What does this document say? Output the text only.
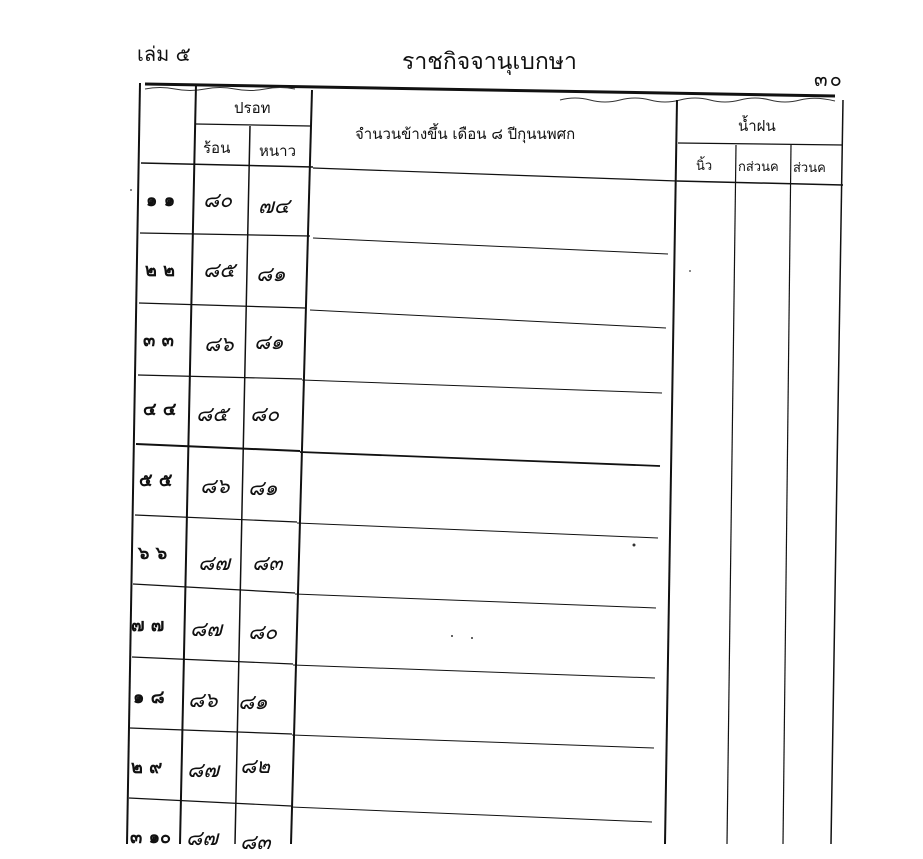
เล่ม ๕	ราชกิจจานุเบกษา
๓๐
ปรอท
ร้อน หนาว
จำนวนข้างขึ้น เดือน ๘ ปีกุนนพศก	น้ำฝน
นิ้ว กส่วนค ส่วนค
๑ ๑ ๘๐ ๗๔
๒ ๒ ๘๕ ๘๑
๓ ๓ ๘๖ ๘๑
๔ ๔ ๘๕ ๘๐
๕ ๕ ๘๖ ๘๑
๖ ๖ ๘๗ ๘๓
๗ ๗ ๘๗ ๘๐
๑ ๘ ๘๖ ๘๑
๒ ๙ ๘๗ ๘๒
๓ ๑๐ ๘๗ ๘๓
